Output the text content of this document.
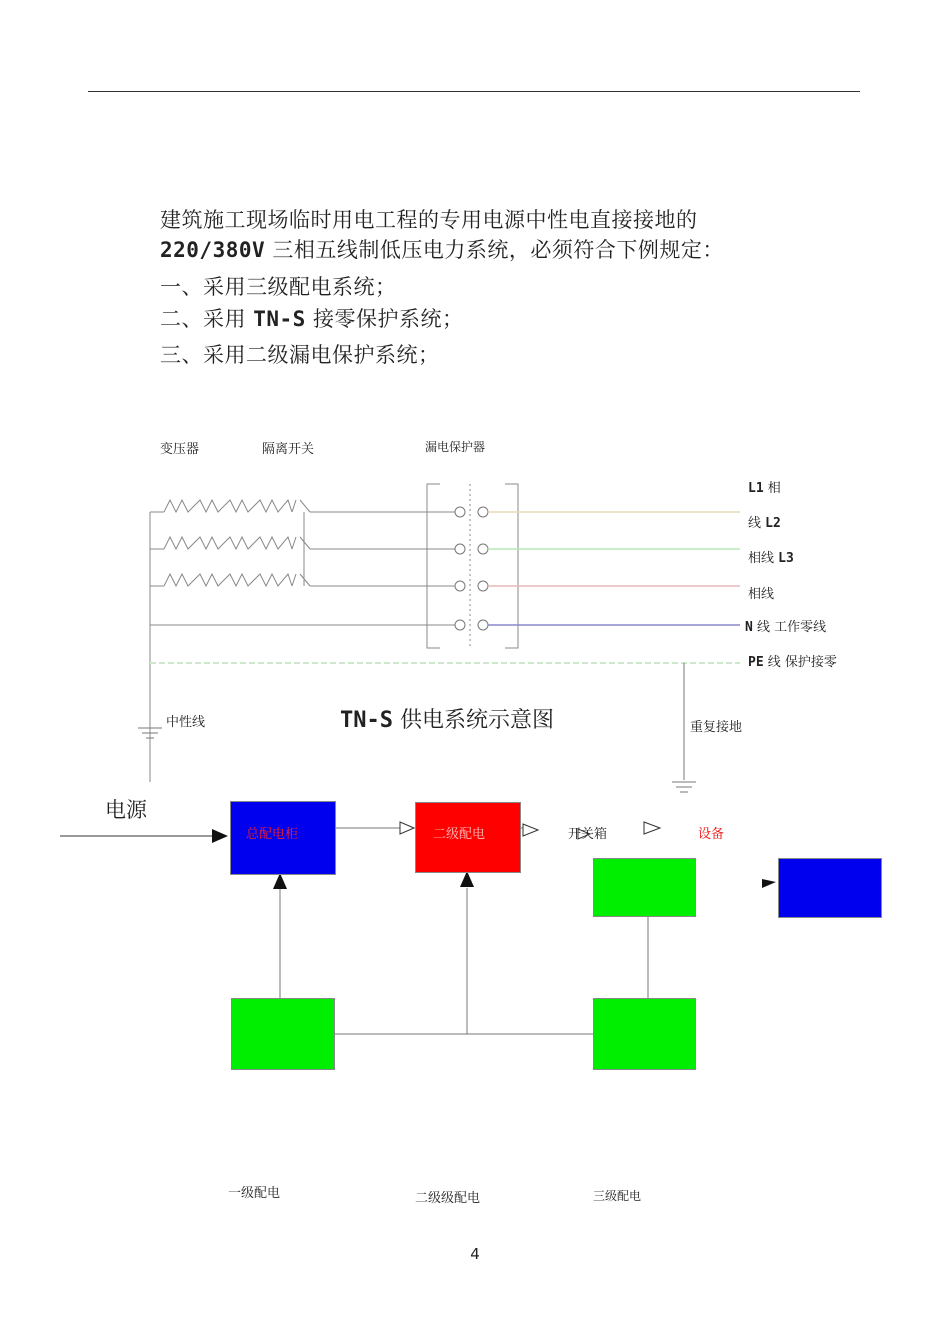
建筑施工现场临时用电工程的专用电源中性电直接接地的
220/380V 三相五线制低压电力系统，必须符合下例规定：
一、采用三级配电系统；
二、采用 TN-S 接零保护系统；
三、采用二级漏电保护系统；
变压器	隔离开关	漏电保护器
L1 相
线 L2
相线 L3
相线
N 线 工作零线
PE 线 保护接零
中性线	TN-S 供电系统示意图	重复接地
电源
总配电柜	二级配电	开关箱	设备
一级配电	二级级配电	三级配电
4
